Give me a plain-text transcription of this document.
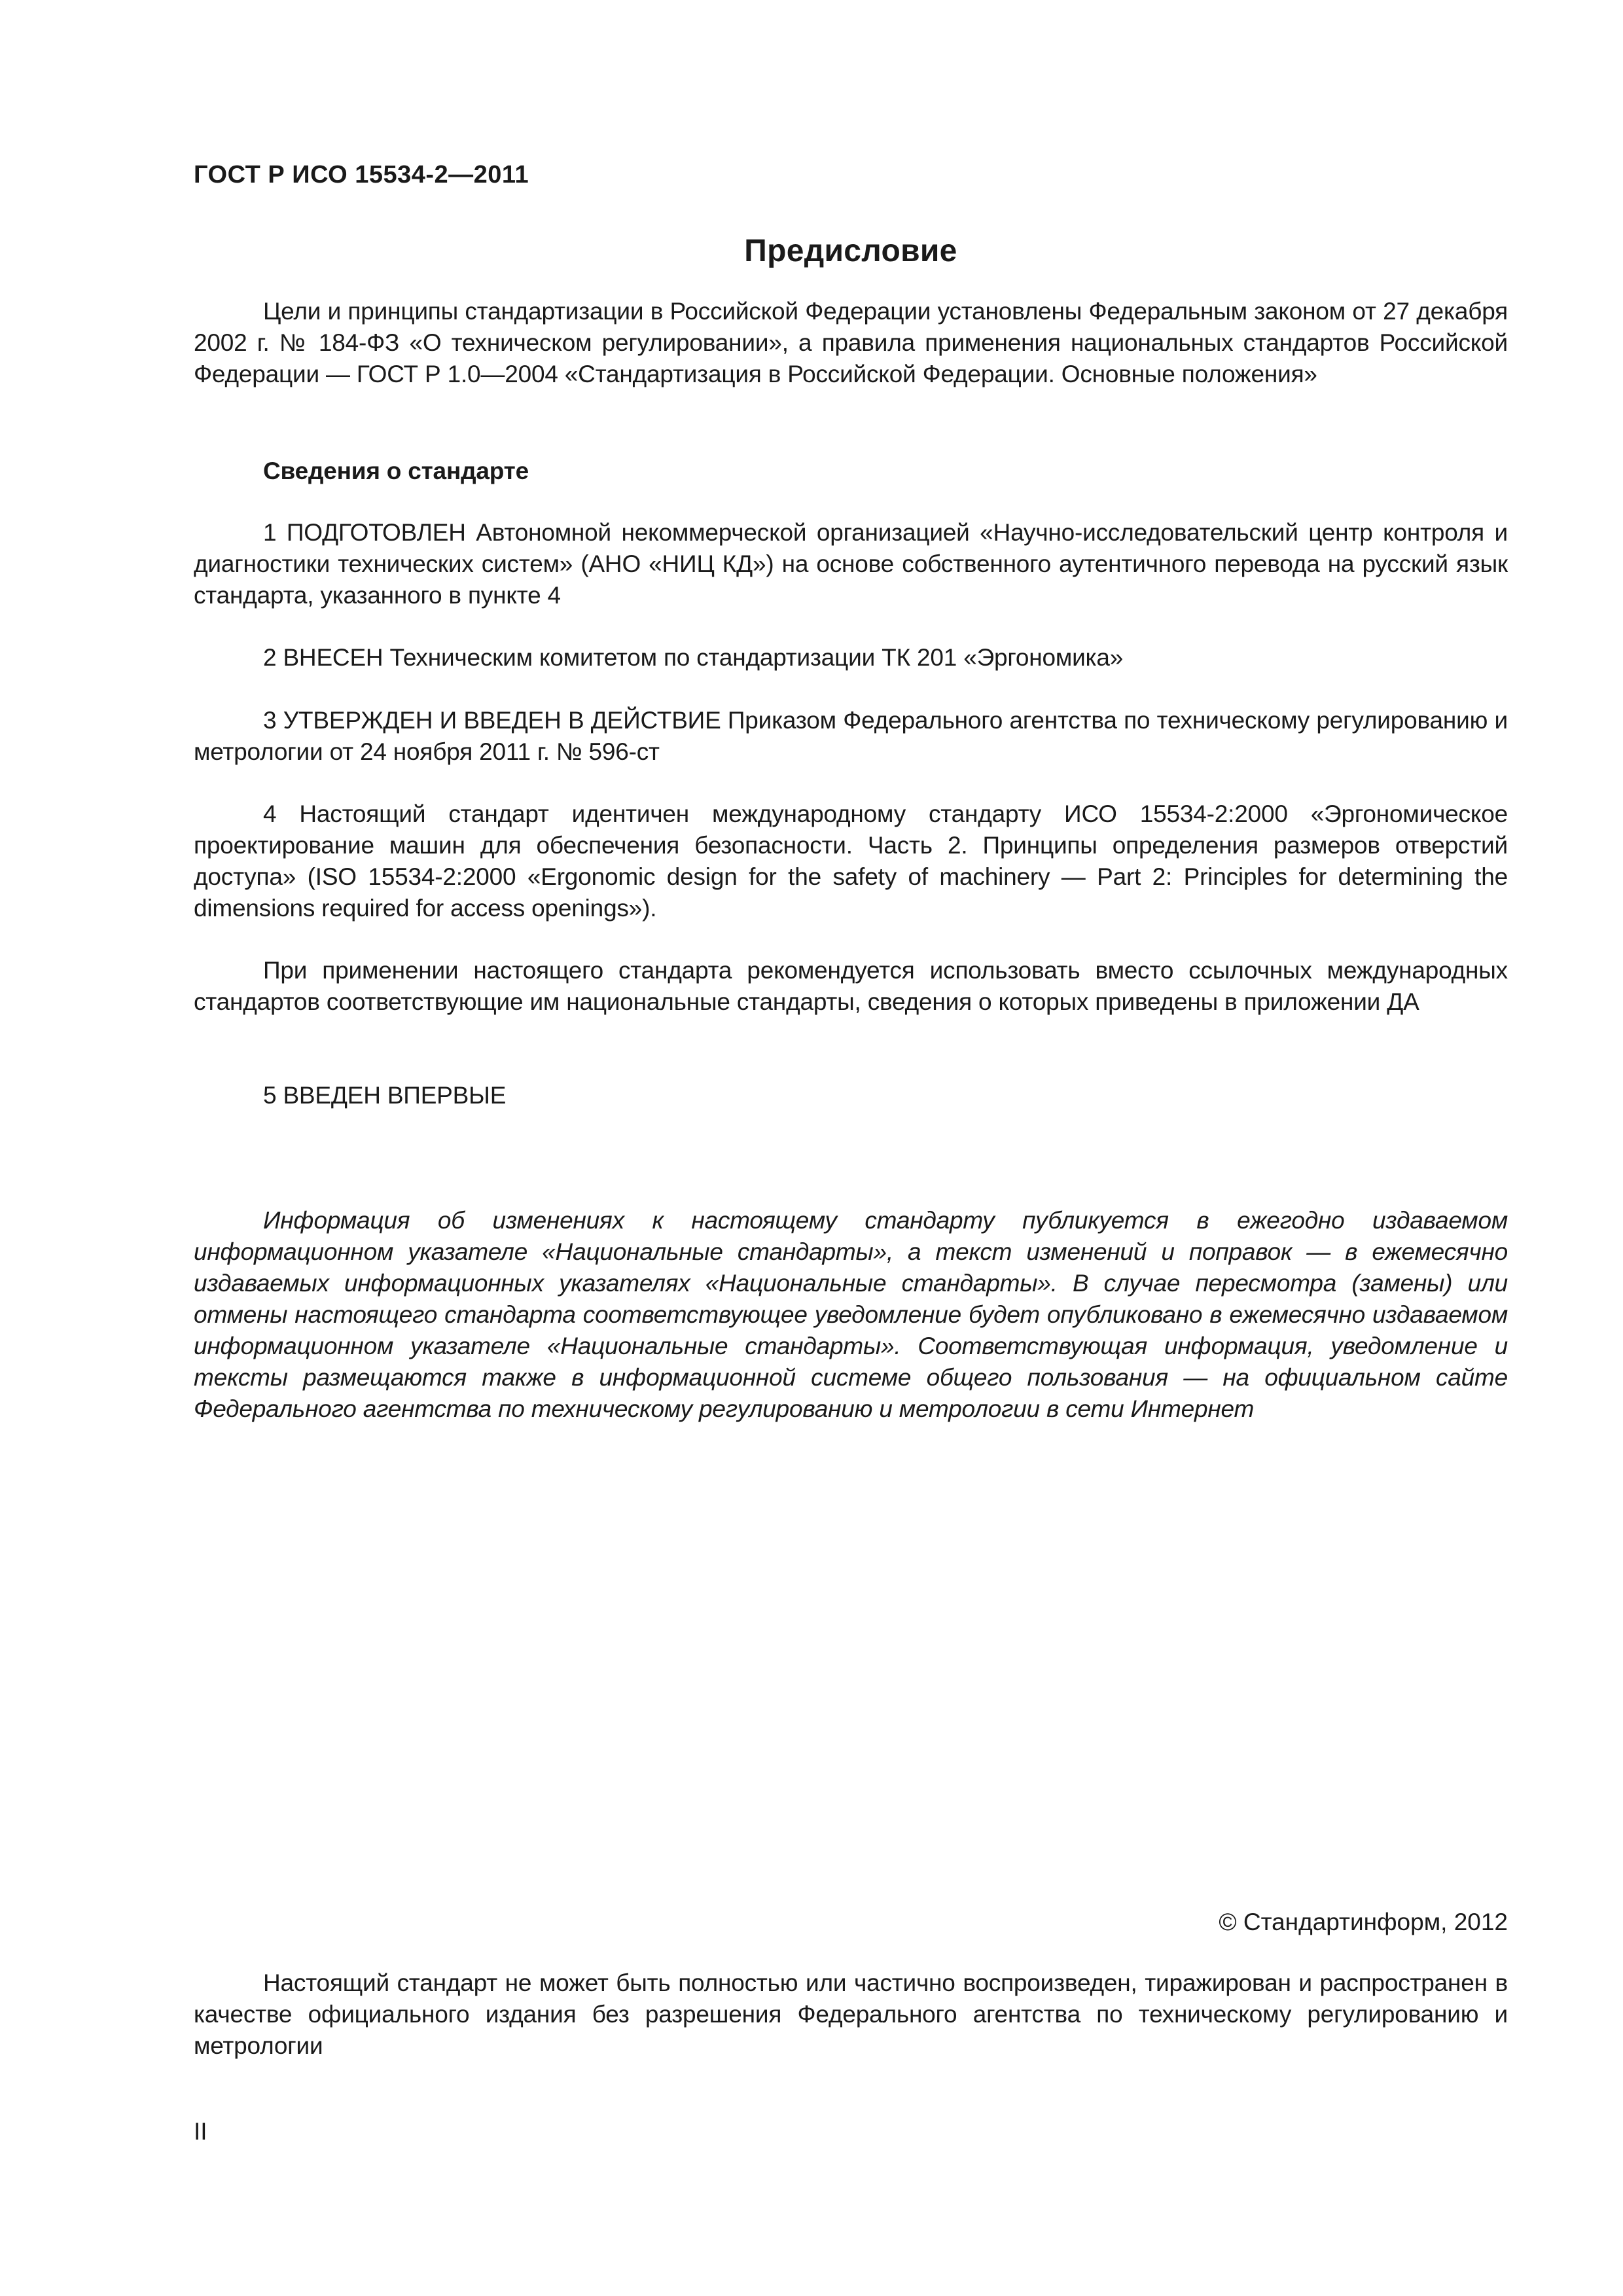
ГОСТ Р ИСО 15534-2—2011
Предисловие

Цели и принципы стандартизации в Российской Федерации установлены Федеральным законом от 27 декабря 2002 г. № 184-ФЗ «О техническом регулировании», а правила применения национальных стандартов Российской Федерации — ГОСТ Р 1.0—2004 «Стандартизация в Российской Федерации. Основные положения»

Сведения о стандарте

1 ПОДГОТОВЛЕН Автономной некоммерческой организацией «Научно-исследовательский центр контроля и диагностики технических систем» (АНО «НИЦ КД») на основе собственного аутентичного перевода на русский язык стандарта, указанного в пункте 4

2 ВНЕСЕН Техническим комитетом по стандартизации ТК 201 «Эргономика»

3 УТВЕРЖДЕН И ВВЕДЕН В ДЕЙСТВИЕ Приказом Федерального агентства по техническому регулированию и метрологии от 24 ноября 2011 г. № 596-ст

4 Настоящий стандарт идентичен международному стандарту ИСО 15534-2:2000 «Эргономическое проектирование машин для обеспечения безопасности. Часть 2. Принципы определения размеров отверстий доступа» (ISO 15534-2:2000 «Ergonomic design for the safety of machinery — Part 2: Principles for determining the dimensions required for access openings»).

При применении настоящего стандарта рекомендуется использовать вместо ссылочных международных стандартов соответствующие им национальные стандарты, сведения о которых приведены в приложении ДА

5 ВВЕДЕН ВПЕРВЫЕ

Информация об изменениях к настоящему стандарту публикуется в ежегодно издаваемом информационном указателе «Национальные стандарты», а текст изменений и поправок — в ежемесячно издаваемых информационных указателях «Национальные стандарты». В случае пересмотра (замены) или отмены настоящего стандарта соответствующее уведомление будет опубликовано в ежемесячно издаваемом информационном указателе «Национальные стандарты». Соответствующая информация, уведомление и тексты размещаются также в информационной системе общего пользования — на официальном сайте Федерального агентства по техническому регулированию и метрологии в сети Интернет

© Стандартинформ, 2012

Настоящий стандарт не может быть полностью или частично воспроизведен, тиражирован и распространен в качестве официального издания без разрешения Федерального агентства по техническому регулированию и метрологии

II
